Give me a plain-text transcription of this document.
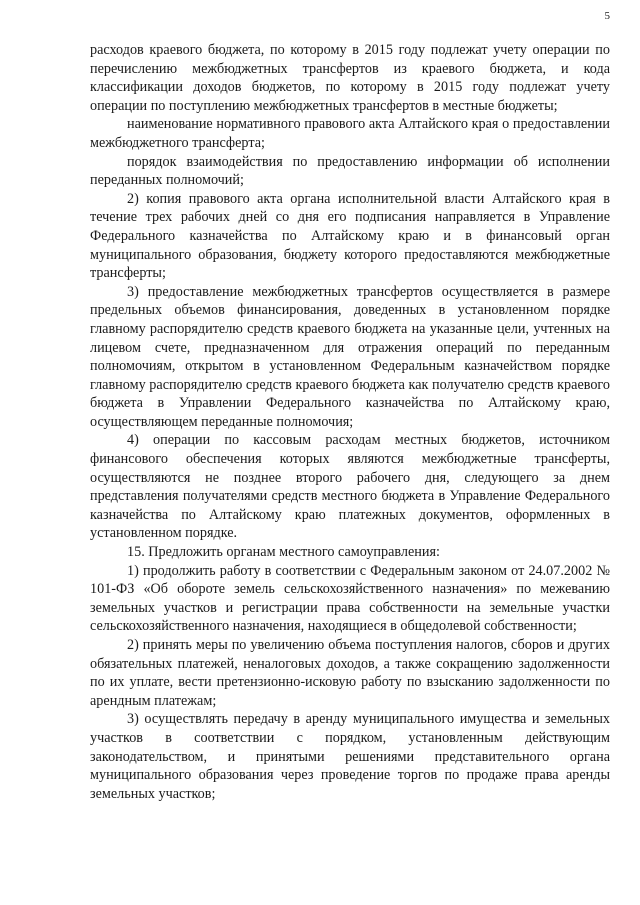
5

расходов краевого бюджета, по которому в 2015 году подлежат учету операции по перечислению межбюджетных трансфертов из краевого бюджета, и кода классификации доходов бюджетов, по которому в 2015 году подлежат учету операции по поступлению межбюджетных трансфертов в местные бюджеты;

наименование нормативного правового акта Алтайского края о предоставлении межбюджетного трансферта;

порядок взаимодействия по предоставлению информации об исполнении переданных полномочий;

2) копия правового акта органа исполнительной власти Алтайского края в течение трех рабочих дней со дня его подписания направляется в Управление Федерального казначейства по Алтайскому краю и в финансовый орган муниципального образования, бюджету которого предоставляются межбюджетные трансферты;

3) предоставление межбюджетных трансфертов осуществляется в размере предельных объемов финансирования, доведенных в установленном порядке главному распорядителю средств краевого бюджета на указанные цели, учтенных на лицевом счете, предназначенном для отражения операций по переданным полномочиям, открытом в установленном Федеральным казначейством порядке главному распорядителю средств краевого бюджета как получателю средств краевого бюджета в Управлении Федерального казначейства по Алтайскому краю, осуществляющем переданные полномочия;

4) операции по кассовым расходам местных бюджетов, источником финансового обеспечения которых являются межбюджетные трансферты, осуществляются не позднее второго рабочего дня, следующего за днем представления получателями средств местного бюджета в Управление Федерального казначейства по Алтайскому краю платежных документов, оформленных в установленном порядке.

15. Предложить органам местного самоуправления:

1) продолжить работу в соответствии с Федеральным законом от 24.07.2002 № 101-ФЗ «Об обороте земель сельскохозяйственного назначения» по межеванию земельных участков и регистрации права собственности на земельные участки сельскохозяйственного назначения, находящиеся в общедолевой собственности;

2) принять меры по увеличению объема поступления налогов, сборов и других обязательных платежей, неналоговых доходов, а также сокращению задолженности по их уплате, вести претензионно-исковую работу по взысканию задолженности по арендным платежам;

3) осуществлять передачу в аренду муниципального имущества и земельных участков в соответствии с порядком, установленным действующим законодательством, и принятыми решениями представительного органа муниципального образования через проведение торгов по продаже права аренды земельных участков;
